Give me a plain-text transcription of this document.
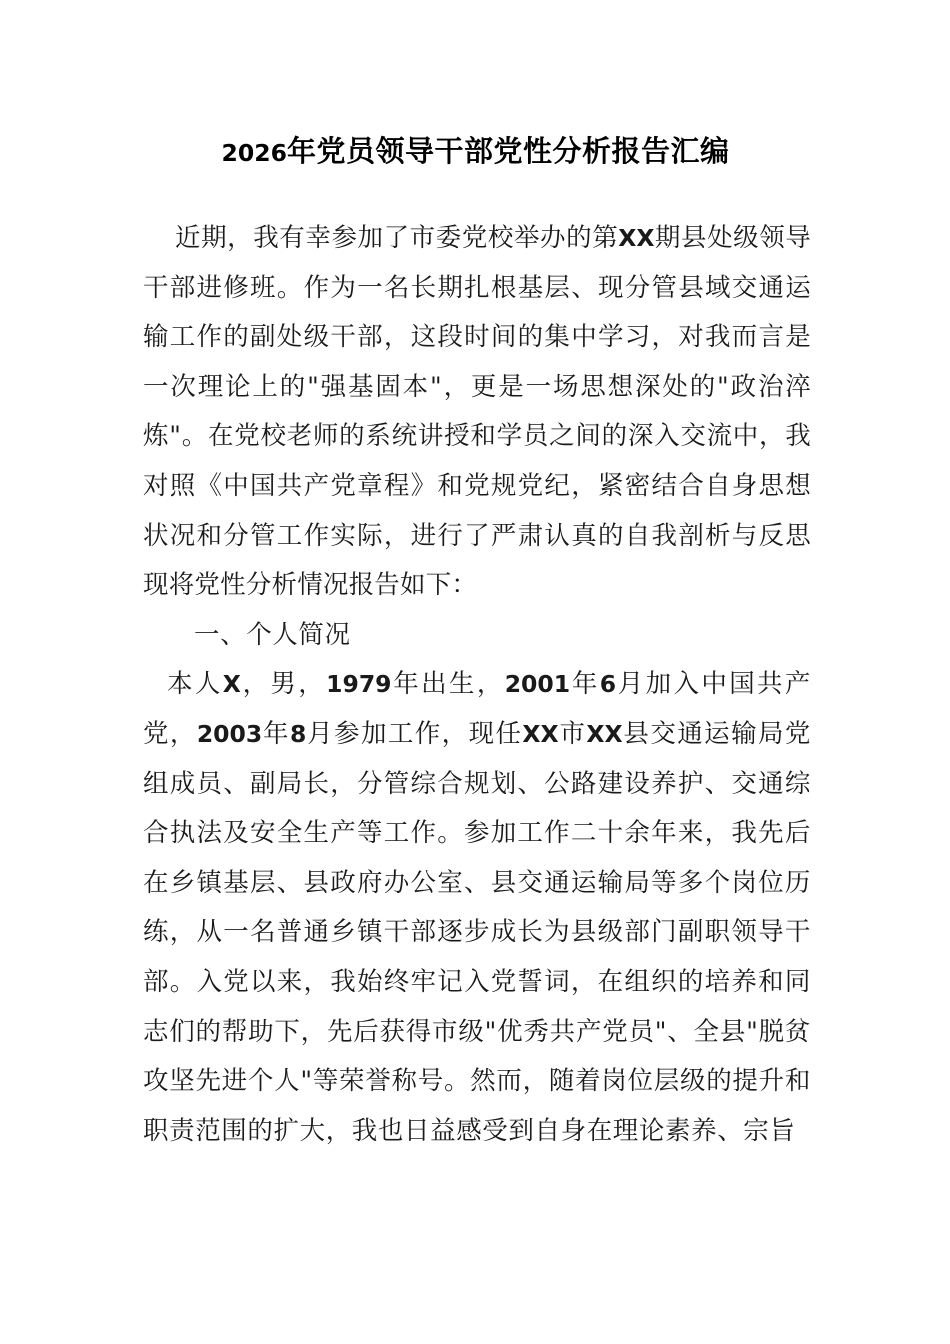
2026年党员领导干部党性分析报告汇编

近期，我有幸参加了市委党校举办的第XX期县处级领导干部进修班。作为一名长期扎根基层、现分管县域交通运输工作的副处级干部，这段时间的集中学习，对我而言是一次理论上的"强基固本"，更是一场思想深处的"政治淬炼"。在党校老师的系统讲授和学员之间的深入交流中，我对照《中国共产党章程》和党规党纪，紧密结合自身思想状况和分管工作实际，进行了严肃认真的自我剖析与反思现将党性分析情况报告如下：

一、个人简况

本人X，男，1979年出生，2001年6月加入中国共产党，2003年8月参加工作，现任XX市XX县交通运输局党组成员、副局长，分管综合规划、公路建设养护、交通综合执法及安全生产等工作。参加工作二十余年来，我先后在乡镇基层、县政府办公室、县交通运输局等多个岗位历练，从一名普通乡镇干部逐步成长为县级部门副职领导干部。入党以来，我始终牢记入党誓词，在组织的培养和同志们的帮助下，先后获得市级"优秀共产党员"、全县"脱贫攻坚先进个人"等荣誉称号。然而，随着岗位层级的提升和职责范围的扩大，我也日益感受到自身在理论素养、宗旨
